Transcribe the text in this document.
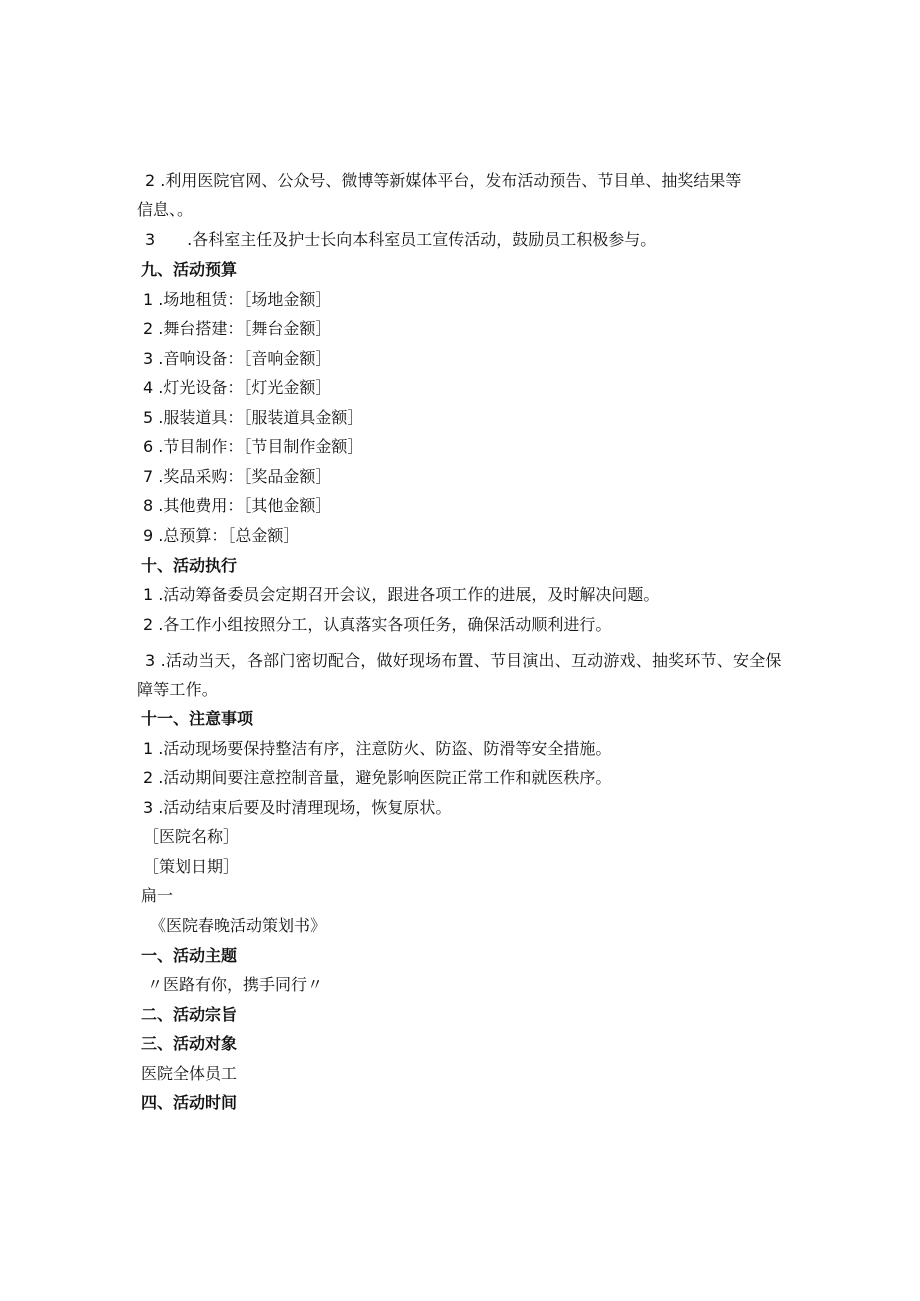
2 .利用医院官网、公众号、微博等新媒体平台，发布活动预告、节目单、抽奖结果等
信息、。
3　　.各科室主任及护士长向本科室员工宣传活动，鼓励员工积极参与。
九、活动预算
1 .场地租赁：［场地金额］
2 .舞台搭建：［舞台金额］
3 .音响设备：［音响金额］
4 .灯光设备：［灯光金额］
5 .服装道具：［服装道具金额］
6 .节目制作：［节目制作金额］
7 .奖品采购：［奖品金额］
8 .其他费用：［其他金额］
9 .总预算：［总金额］
十、活动执行
1 .活动筹备委员会定期召开会议，跟进各项工作的进展，及时解决问题。
2 .各工作小组按照分工，认真落实各项任务，确保活动顺利进行。
3 .活动当天，各部门密切配合，做好现场布置、节目演出、互动游戏、抽奖环节、安全保障等工作。
十一、注意事项
1 .活动现场要保持整洁有序，注意防火、防盗、防滑等安全措施。
2 .活动期间要注意控制音量，避免影响医院正常工作和就医秩序。
3 .活动结束后要及时清理现场，恢复原状。
［医院名称］
［策划日期］
扁一
《医院春晚活动策划书》
一、活动主题
〃医路有你，携手同行〃
二、活动宗旨
三、活动对象
医院全体员工
四、活动时间
